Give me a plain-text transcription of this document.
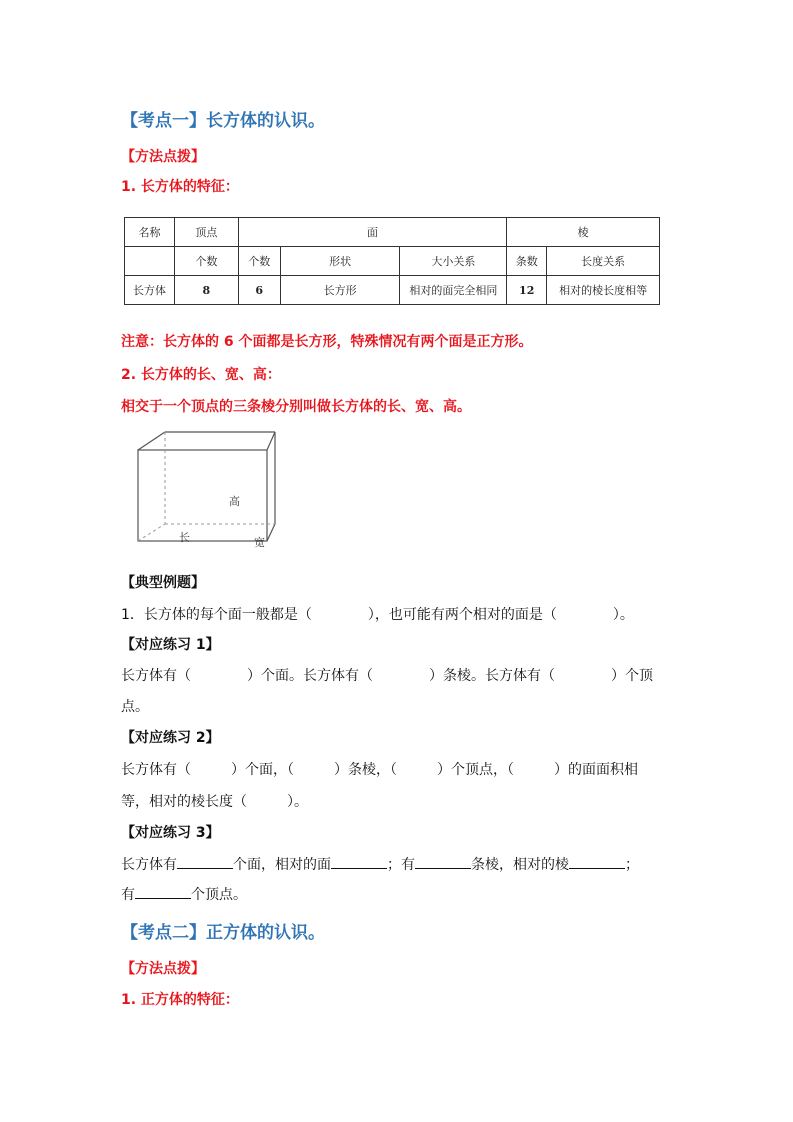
【考点一】长方体的认识。
【方法点拨】
1. 长方体的特征：
名称	顶点	面			棱	
	个数	个数	形状	大小关系	条数	长度关系
长方体	8	6	长方形	相对的面完全相同	12	相对的棱长度相等
注意：长方体的 6 个面都是长方形，特殊情况有两个面是正方形。
2. 长方体的长、宽、高：
相交于一个顶点的三条棱分别叫做长方体的长、宽、高。
高
长	宽
【典型例题】
1．长方体的每个面一般都是（	），也可能有两个相对的面是（	）。
【对应练习 1】
长方体有（	）个面。长方体有（	）条棱。长方体有（	）个顶
点。
【对应练习 2】
长方体有（	）个面，（	）条棱，（	）个顶点，（	）的面面积相
等，相对的棱长度（	）。
【对应练习 3】
长方体有	个面，相对的面	；有	条棱，相对的棱	；
有	个顶点。
【考点二】正方体的认识。
【方法点拨】
1. 正方体的特征：
